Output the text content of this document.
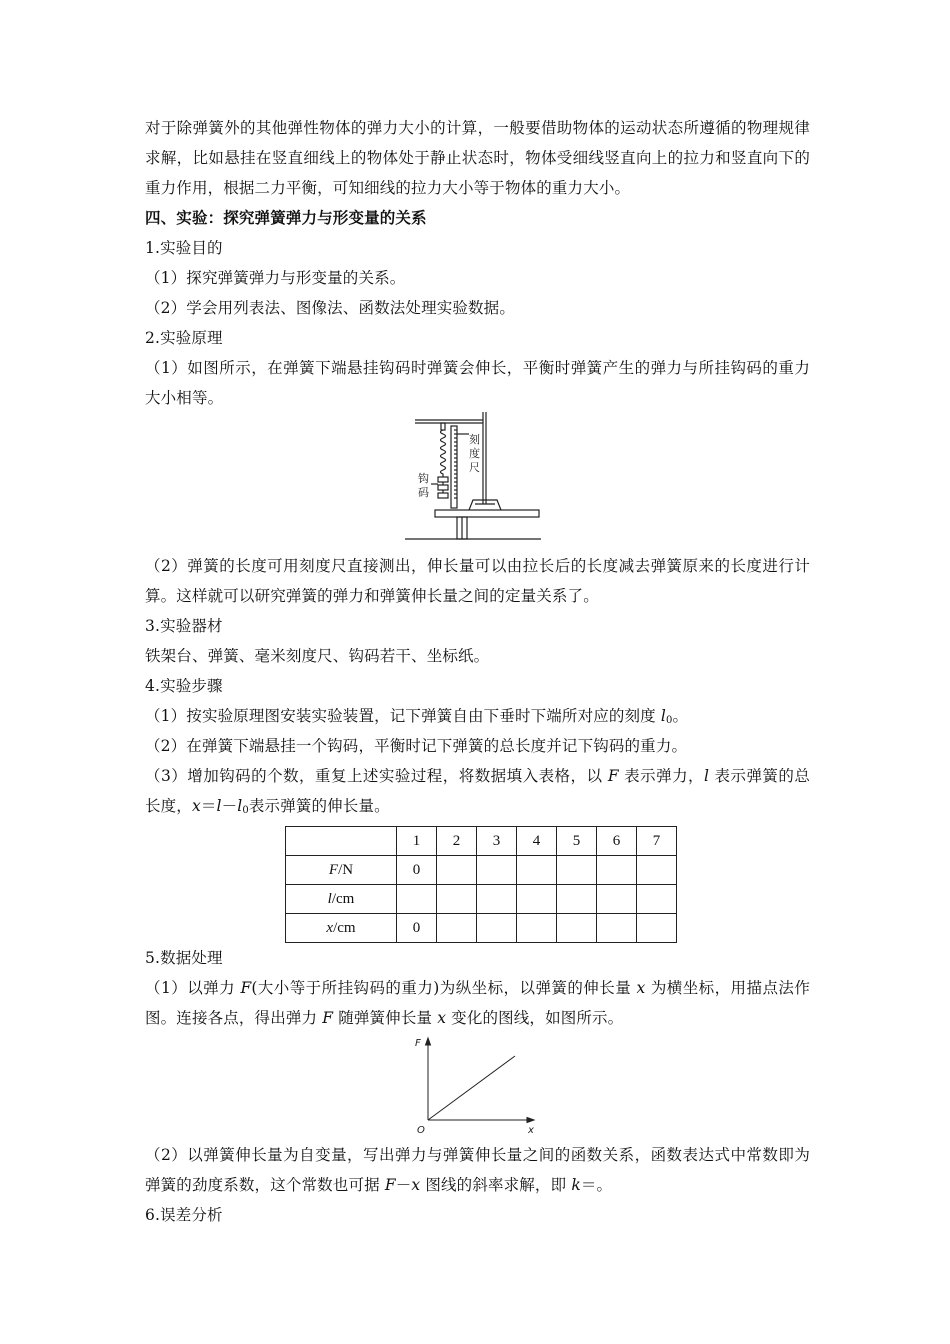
对于除弹簧外的其他弹性物体的弹力大小的计算，一般要借助物体的运动状态所遵循的物理规律求解，比如悬挂在竖直细线上的物体处于静止状态时，物体受细线竖直向上的拉力和竖直向下的重力作用，根据二力平衡，可知细线的拉力大小等于物体的重力大小。
四、实验：探究弹簧弹力与形变量的关系
1.实验目的
（1）探究弹簧弹力与形变量的关系。
（2）学会用列表法、图像法、函数法处理实验数据。
2.实验原理
（1）如图所示，在弹簧下端悬挂钩码时弹簧会伸长，平衡时弹簧产生的弹力与所挂钩码的重力大小相等。
刻
度
尺
钩
码
（2）弹簧的长度可用刻度尺直接测出，伸长量可以由拉长后的长度减去弹簧原来的长度进行计算。这样就可以研究弹簧的弹力和弹簧伸长量之间的定量关系了。
3.实验器材
铁架台、弹簧、毫米刻度尺、钩码若干、坐标纸。
4.实验步骤
（1）按实验原理图安装实验装置，记下弹簧自由下垂时下端所对应的刻度 $l_0$。
（2）在弹簧下端悬挂一个钩码，平衡时记下弹簧的总长度并记下钩码的重力。
（3）增加钩码的个数，重复上述实验过程，将数据填入表格，以 F 表示弹力，l 表示弹簧的总长度，$x=l-l_0$表示弹簧的伸长量。
	1	2	3	4	5	6	7
F/N	0						
l/cm							
x/cm	0						
5.数据处理
（1）以弹力 F(大小等于所挂钩码的重力)为纵坐标，以弹簧的伸长量 x 为横坐标，用描点法作图。连接各点，得出弹力 F 随弹簧伸长量 x 变化的图线，如图所示。
F
x
O
（2）以弹簧伸长量为自变量，写出弹力与弹簧伸长量之间的函数关系，函数表达式中常数即为弹簧的劲度系数，这个常数也可据 F－x 图线的斜率求解，即 k＝。
6.误差分析
